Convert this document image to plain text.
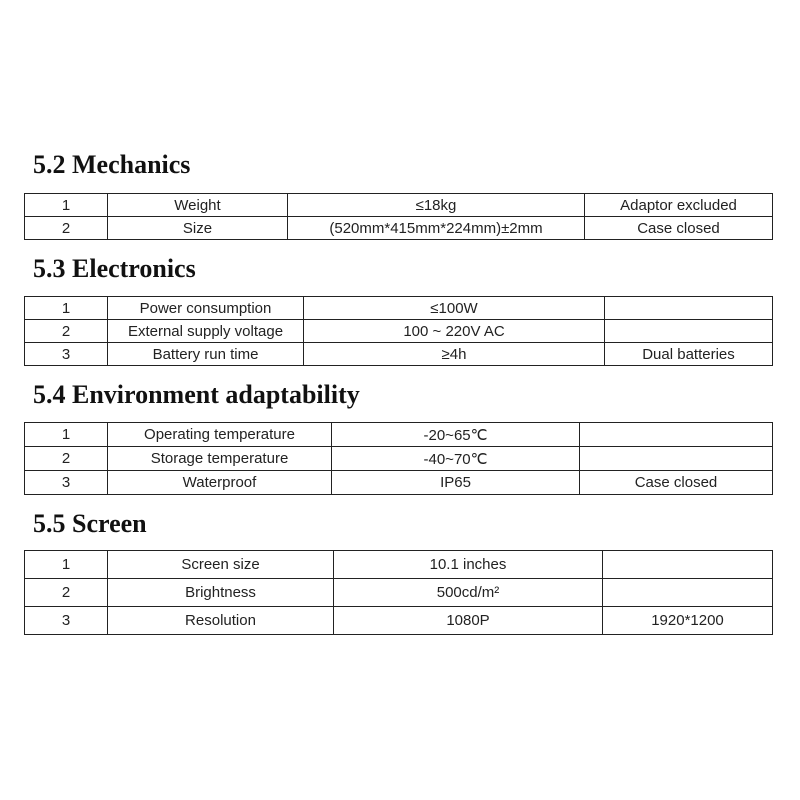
5.2 Mechanics
1	Weight	≤18kg	Adaptor excluded
2	Size	(520mm*415mm*224mm)±2mm	Case closed
5.3 Electronics
1	Power consumption	≤100W	
2	External supply voltage	100 ~ 220V AC	
3	Battery run time	≥4h	Dual batteries
5.4 Environment adaptability
1	Operating temperature	-20~65℃	
2	Storage temperature	-40~70℃	
3	Waterproof	IP65	Case closed
5.5 Screen
1	Screen size	10.1 inches	
2	Brightness	500cd/m²	
3	Resolution	1080P	1920*1200
